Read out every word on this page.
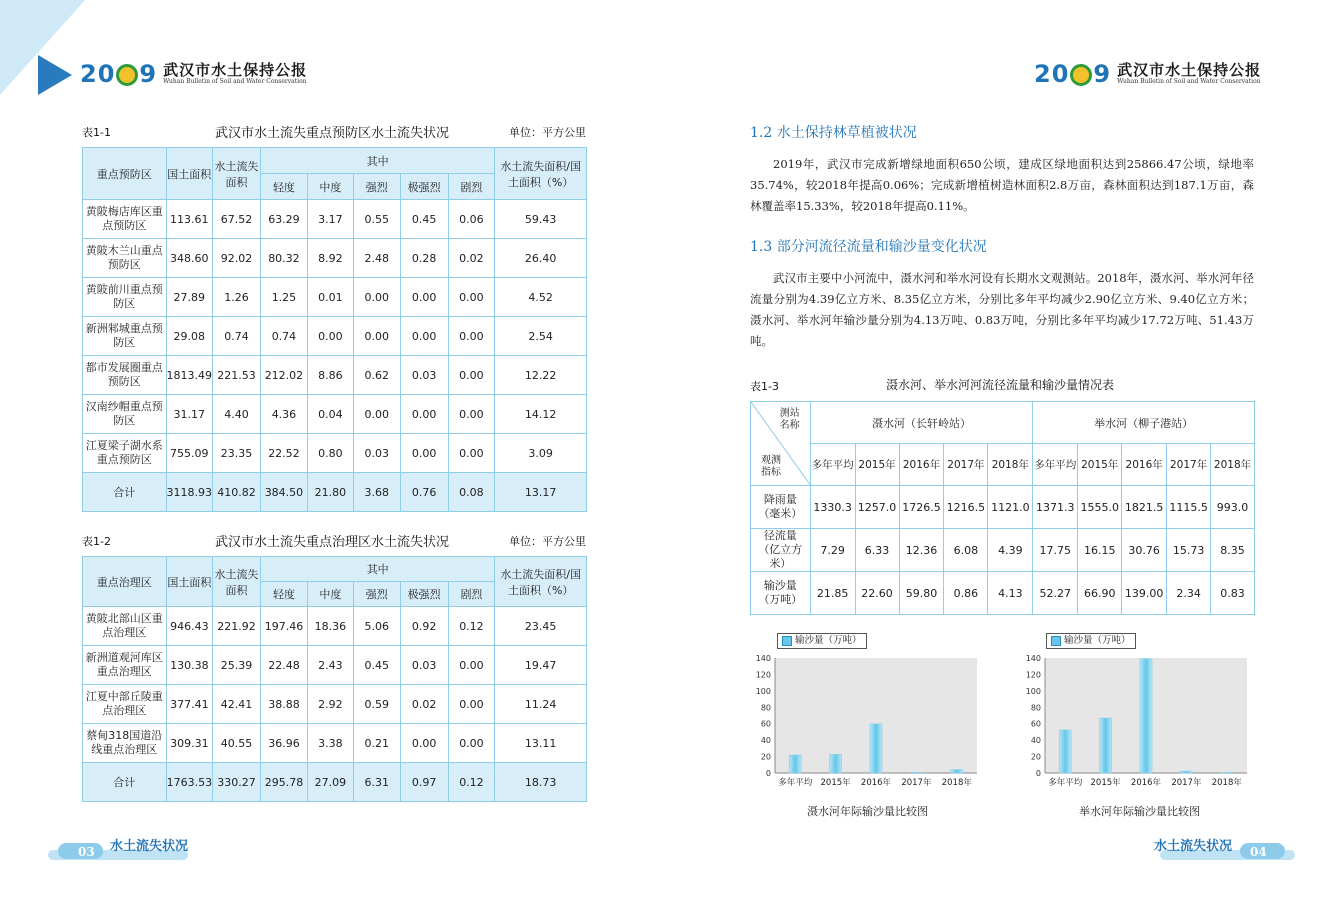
20 9 武汉市水土保持公报
Wuhan Bulletin of Soil and Water Conservation	20 9 武汉市水土保持公报
Wuhan Bulletin of Soil and Water Conservation
表1-1	武汉市水土流失重点预防区水土流失状况	单位：平方公里
重点预防区	国土面积	水土流失面积	其中					水土流失面积/国土面积（%）
			轻度	中度	强烈	极强烈	剧烈	
黄陂梅店库区重点预防区	113.61	67.52	63.29	3.17	0.55	0.45	0.06	59.43
黄陂木兰山重点预防区	348.60	92.02	80.32	8.92	2.48	0.28	0.02	26.40
黄陂前川重点预防区	27.89	1.26	1.25	0.01	0.00	0.00	0.00	4.52
新洲邾城重点预防区	29.08	0.74	0.74	0.00	0.00	0.00	0.00	2.54
都市发展圈重点预防区	1813.49	221.53	212.02	8.86	0.62	0.03	0.00	12.22
汉南纱帽重点预防区	31.17	4.40	4.36	0.04	0.00	0.00	0.00	14.12
江夏梁子湖水系重点预防区	755.09	23.35	22.52	0.80	0.03	0.00	0.00	3.09
合计	3118.93	410.82	384.50	21.80	3.68	0.76	0.08	13.17
表1-2	武汉市水土流失重点治理区水土流失状况	单位：平方公里
重点治理区	国土面积	水土流失面积	其中					水土流失面积/国土面积（%）
			轻度	中度	强烈	极强烈	剧烈	
黄陂北部山区重点治理区	946.43	221.92	197.46	18.36	5.06	0.92	0.12	23.45
新洲道观河库区重点治理区	130.38	25.39	22.48	2.43	0.45	0.03	0.00	19.47
江夏中部丘陵重点治理区	377.41	42.41	38.88	2.92	0.59	0.02	0.00	11.24
蔡甸318国道沿线重点治理区	309.31	40.55	36.96	3.38	0.21	0.00	0.00	13.11
合计	1763.53	330.27	295.78	27.09	6.31	0.97	0.12	18.73
1.2 水土保持林草植被状况
2019年，武汉市完成新增绿地面积650公顷，建成区绿地面积达到25866.47公顷，绿地率35.74%，较2018年提高0.06%；完成新增植树造林面积2.8万亩，森林面积达到187.1万亩，森林覆盖率15.33%，较2018年提高0.11%。
1.3 部分河流径流量和输沙量变化状况
武汉市主要中小河流中，滠水河和举水河设有长期水文观测站。2018年，滠水河、举水河年径流量分别为4.39亿立方米、8.35亿立方米，分别比多年平均减少2.90亿立方米、9.40亿立方米；滠水河、举水河年输沙量分别为4.13万吨、0.83万吨，分别比多年平均减少17.72万吨、51.43万吨。
表1-3	滠水河、举水河河流径流量和输沙量情况表
测站名称
观测指标	滠水河（长轩岭站）					举水河（柳子港站）				
	多年平均	2015年	2016年	2017年	2018年	多年平均	2015年	2016年	2017年	2018年
降雨量（毫米）	1330.3	1257.0	1726.5	1216.5	1121.0	1371.3	1555.0	1821.5	1115.5	993.0
径流量（亿立方米）	7.29	6.33	12.36	6.08	4.39	17.75	16.15	30.76	15.73	8.35
输沙量（万吨）	21.85	22.60	59.80	0.86	4.13	52.27	66.90	139.00	2.34	0.83
输沙量（万吨）
0
20
40
60
80
100
120
140
多年平均 2015年 2016年 2017年 2018年
滠水河年际输沙量比较图
输沙量（万吨）
0
20
40
60
80
100
120
140
多年平均 2015年 2016年 2017年 2018年
举水河年际输沙量比较图
03 水土流失状况	04
水土流失状况
